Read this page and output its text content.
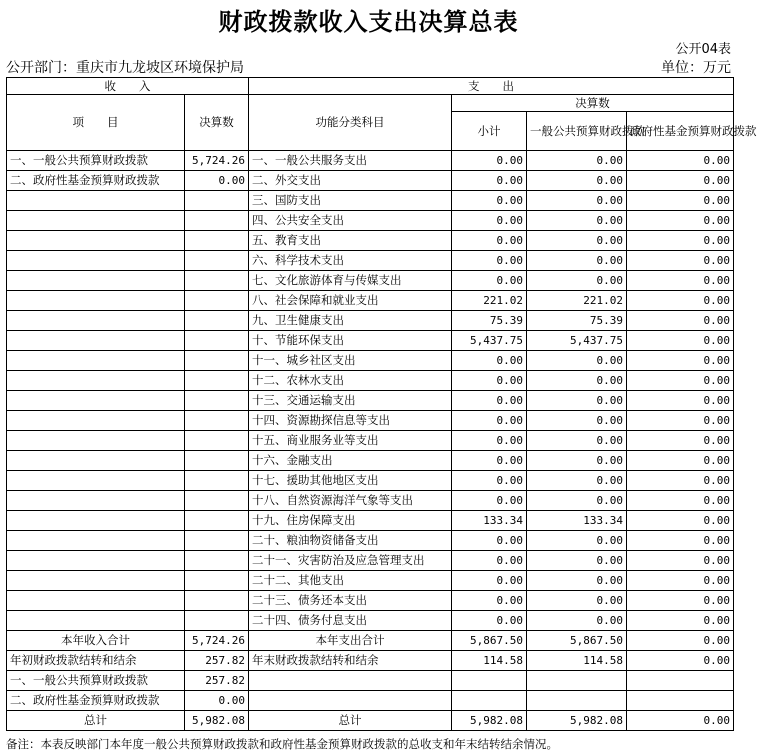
财政拨款收入支出决算总表
公开04表
公开部门：重庆市九龙坡区环境保护局	单位：万元
收　　入		支　　出			
项　　目	决算数	功能分类科目	决算数		
			小计	一般公共预算财政拨款	政府性基金预算财政拨款
一、一般公共预算财政拨款	5,724.26	一、一般公共服务支出	0.00	0.00	0.00
二、政府性基金预算财政拨款	0.00	二、外交支出	0.00	0.00	0.00
		三、国防支出	0.00	0.00	0.00
		四、公共安全支出	0.00	0.00	0.00
		五、教育支出	0.00	0.00	0.00
		六、科学技术支出	0.00	0.00	0.00
		七、文化旅游体育与传媒支出	0.00	0.00	0.00
		八、社会保障和就业支出	221.02	221.02	0.00
		九、卫生健康支出	75.39	75.39	0.00
		十、节能环保支出	5,437.75	5,437.75	0.00
		十一、城乡社区支出	0.00	0.00	0.00
		十二、农林水支出	0.00	0.00	0.00
		十三、交通运输支出	0.00	0.00	0.00
		十四、资源勘探信息等支出	0.00	0.00	0.00
		十五、商业服务业等支出	0.00	0.00	0.00
		十六、金融支出	0.00	0.00	0.00
		十七、援助其他地区支出	0.00	0.00	0.00
		十八、自然资源海洋气象等支出	0.00	0.00	0.00
		十九、住房保障支出	133.34	133.34	0.00
		二十、粮油物资储备支出	0.00	0.00	0.00
		二十一、灾害防治及应急管理支出	0.00	0.00	0.00
		二十二、其他支出	0.00	0.00	0.00
		二十三、债务还本支出	0.00	0.00	0.00
		二十四、债务付息支出	0.00	0.00	0.00
本年收入合计	5,724.26	本年支出合计	5,867.50	5,867.50	0.00
年初财政拨款结转和结余	257.82	年末财政拨款结转和结余	114.58	114.58	0.00
一、一般公共预算财政拨款	257.82				
二、政府性基金预算财政拨款	0.00				
总计	5,982.08	总计	5,982.08	5,982.08	0.00
备注：本表反映部门本年度一般公共预算财政拨款和政府性基金预算财政拨款的总收支和年末结转结余情况。
